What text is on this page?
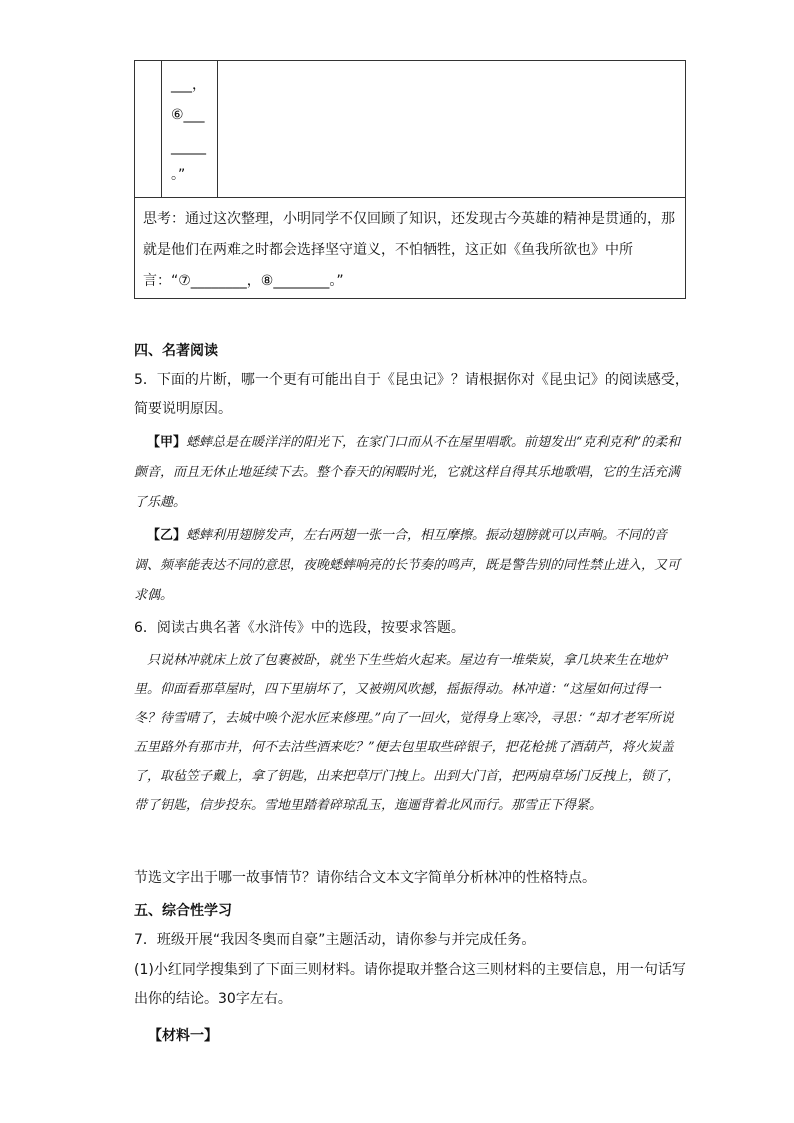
___，
⑥___
_____
。”
思考：通过这次整理，小明同学不仅回顾了知识，还发现古今英雄的精神是贯通的，那就是他们在两难之时都会选择坚守道义，不怕牺牲，这正如《鱼我所欲也》中所言：“⑦________，⑧________。”
四、名著阅读
5．下面的片断，哪一个更有可能出自于《昆虫记》？请根据你对《昆虫记》的阅读感受，简要说明原因。
【甲】蟋蟀总是在暖洋洋的阳光下，在家门口而从不在屋里唱歌。前翅发出“克利克利”的柔和颤音，而且无休止地延续下去。整个春天的闲暇时光，它就这样自得其乐地歌唱，它的生活充满了乐趣。
【乙】蟋蟀利用翅膀发声，左右两翅一张一合，相互摩擦。振动翅膀就可以声响。不同的音调、频率能表达不同的意思，夜晚蟋蟀响亮的长节奏的鸣声，既是警告别的同性禁止进入，又可求偶。
6．阅读古典名著《水浒传》中的选段，按要求答题。
只说林冲就床上放了包裹被卧，就坐下生些焰火起来。屋边有一堆柴炭，拿几块来生在地炉里。仰面看那草屋时，四下里崩坏了，又被朔风吹撼，摇振得动。林冲道：“这屋如何过得一冬？待雪晴了，去城中唤个泥水匠来修理。”向了一回火，觉得身上寒冷，寻思：“却才老军所说五里路外有那市井，何不去沽些酒来吃？”便去包里取些碎银子，把花枪挑了酒葫芦，将火炭盖了，取毡笠子戴上，拿了钥匙，出来把草厅门拽上。出到大门首，把两扇草场门反拽上，锁了，带了钥匙，信步投东。雪地里踏着碎琼乱玉，迤逦背着北风而行。那雪正下得紧。
节选文字出于哪一故事情节？请你结合文本文字简单分析林冲的性格特点。
五、综合性学习
7．班级开展“我因冬奥而自豪”主题活动，请你参与并完成任务。
(1)小红同学搜集到了下面三则材料。请你提取并整合这三则材料的主要信息，用一句话写出你的结论。30字左右。
【材料一】
